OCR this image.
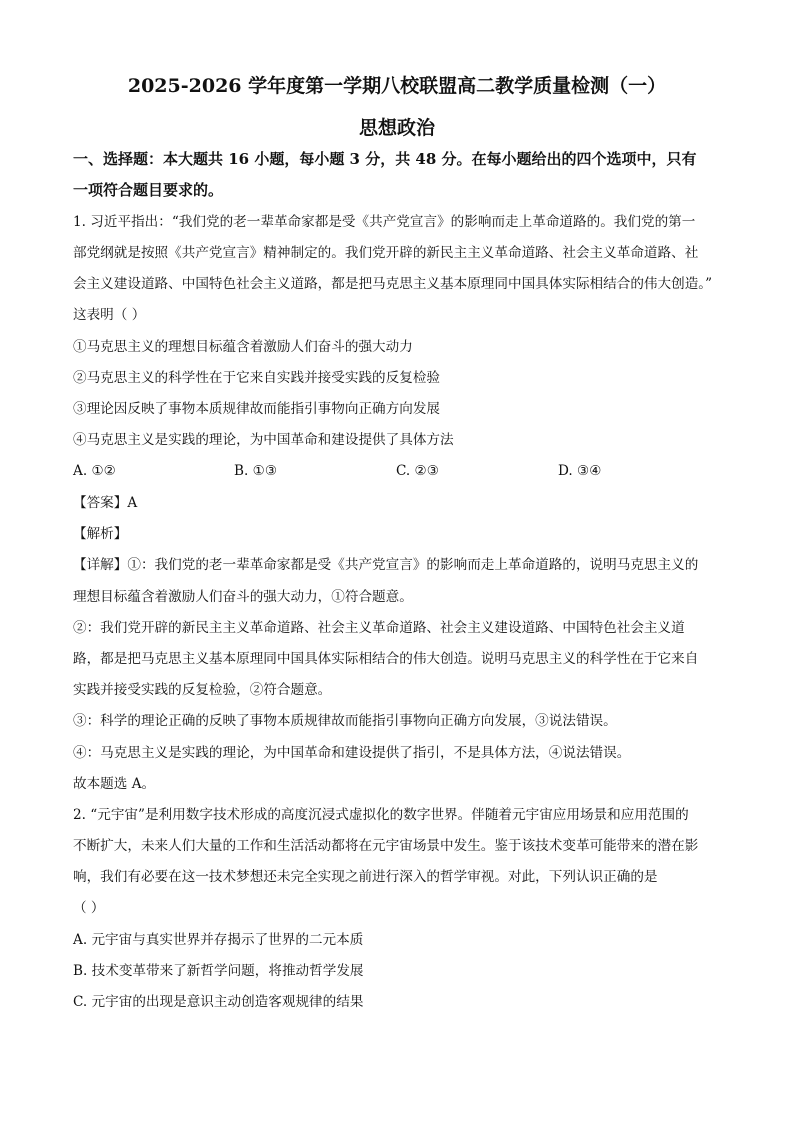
2025-2026 学年度第一学期八校联盟高二教学质量检测（一）
思想政治
一、选择题：本大题共 16 小题，每小题 3 分，共 48 分。在每小题给出的四个选项中，只有
一项符合题目要求的。
1. 习近平指出：“我们党的老一辈革命家都是受《共产党宣言》的影响而走上革命道路的。我们党的第一
部党纲就是按照《共产党宣言》精神制定的。我们党开辟的新民主主义革命道路、社会主义革命道路、社
会主义建设道路、中国特色社会主义道路，都是把马克思主义基本原理同中国具体实际相结合的伟大创造。”
这表明（ ）
①马克思主义的理想目标蕴含着激励人们奋斗的强大动力
②马克思主义的科学性在于它来自实践并接受实践的反复检验
③理论因反映了事物本质规律故而能指引事物向正确方向发展
④马克思主义是实践的理论，为中国革命和建设提供了具体方法
A. ①②	B. ①③	C. ②③	D. ③④
【答案】A
【解析】
【详解】①：我们党的老一辈革命家都是受《共产党宣言》的影响而走上革命道路的，说明马克思主义的
理想目标蕴含着激励人们奋斗的强大动力，①符合题意。
②：我们党开辟的新民主主义革命道路、社会主义革命道路、社会主义建设道路、中国特色社会主义道
路，都是把马克思主义基本原理同中国具体实际相结合的伟大创造。说明马克思主义的科学性在于它来自
实践并接受实践的反复检验，②符合题意。
③：科学的理论正确的反映了事物本质规律故而能指引事物向正确方向发展，③说法错误。
④：马克思主义是实践的理论，为中国革命和建设提供了指引，不是具体方法，④说法错误。
故本题选 A。
2. “元宇宙”是利用数字技术形成的高度沉浸式虚拟化的数字世界。伴随着元宇宙应用场景和应用范围的
不断扩大，未来人们大量的工作和生活活动都将在元宇宙场景中发生。鉴于该技术变革可能带来的潜在影
响，我们有必要在这一技术梦想还未完全实现之前进行深入的哲学审视。对此，下列认识正确的是
（ ）
A. 元宇宙与真实世界并存揭示了世界的二元本质
B. 技术变革带来了新哲学问题，将推动哲学发展
C. 元宇宙的出现是意识主动创造客观规律的结果
